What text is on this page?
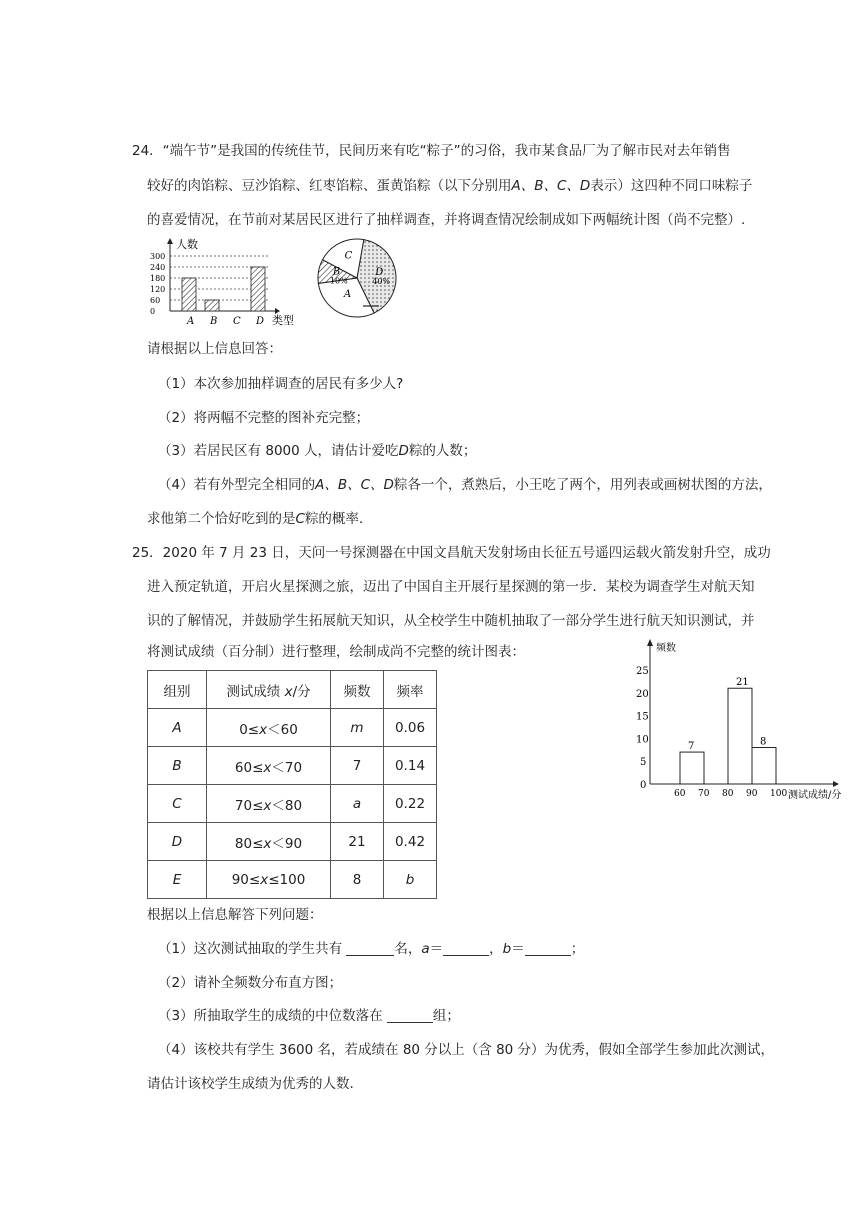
24．“端午节”是我国的传统佳节，民间历来有吃“粽子”的习俗，我市某食品厂为了解市民对去年销售
较好的肉馅粽、豆沙馅粽、红枣馅粽、蛋黄馅粽（以下分别用A、B、C、D表示）这四种不同口味粽子
的喜爱情况，在节前对某居民区进行了抽样调查，并将调查情况绘制成如下两幅统计图（尚不完整）.
人数
类型
0
60
120
180
240
300
A B C D
D
A
B
C
40%
10%
请根据以上信息回答：
（1）本次参加抽样调查的居民有多少人?
（2）将两幅不完整的图补充完整；
（3）若居民区有 8000 人，请估计爱吃D粽的人数；
（4）若有外型完全相同的A、B、C、D粽各一个，煮熟后，小王吃了两个，用列表或画树状图的方法，
求他第二个恰好吃到的是C粽的概率.
25．2020 年 7 月 23 日，天问一号探测器在中国文昌航天发射场由长征五号遥四运载火箭发射升空，成功
进入预定轨道，开启火星探测之旅，迈出了中国自主开展行星探测的第一步．某校为调查学生对航天知
识的了解情况，并鼓励学生拓展航天知识，从全校学生中随机抽取了一部分学生进行航天知识测试，并
将测试成绩（百分制）进行整理，绘制成尚不完整的统计图表：
组别	测试成绩 x/分	频数	频率
A	0≤x＜60	m	0.06
B	60≤x＜70	7	0.14
C	70≤x＜80	a	0.22
D	80≤x＜90	21	0.42
E	90≤x≤100	8	b
频数
测试成绩/分
0
5
10
15
20
25
60 70 80 90 100
7
21
8
根据以上信息解答下列问题：
（1）这次测试抽取的学生共有	名，a＝	，b＝	；
（2）请补全频数分布直方图；
（3）所抽取学生的成绩的中位数落在	组；
（4）该校共有学生 3600 名，若成绩在 80 分以上（含 80 分）为优秀，假如全部学生参加此次测试，
请估计该校学生成绩为优秀的人数.
